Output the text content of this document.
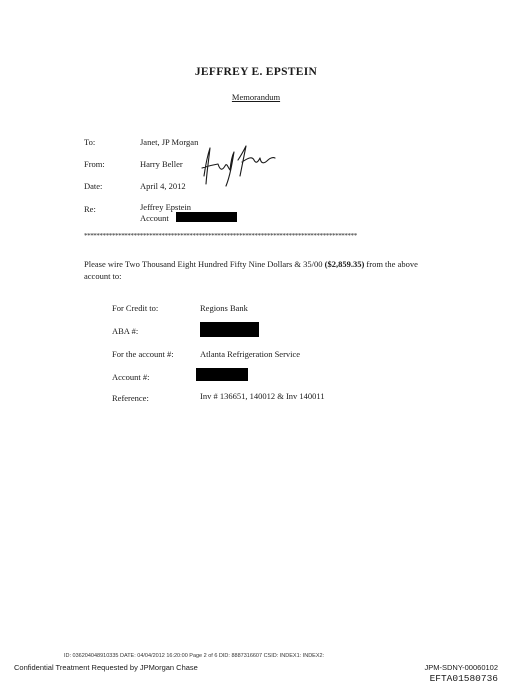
JEFFREY E. EPSTEIN
Memorandum
To:	Janet, JP Morgan
From:	Harry Beller
Date:	April 4, 2012
Re:	Jeffrey Epstein
Account
****************************************************************************************
Please wire Two Thousand Eight Hundred Fifty Nine Dollars & 35/00 ($2,859.35) from the above account to:
For Credit to:	Regions Bank
ABA #:
For the account #:	Atlanta Refrigeration Service
Account #:
Reference:	Inv # 136651, 140012 & Inv 140011
ID: 036204048910335 DATE: 04/04/2012 16:20:00 Page 2 of 6 DID: 8887316607 CSID: INDEX1: INDEX2:
Confidential Treatment Requested by JPMorgan Chase	JPM-SDNY-00060102
EFTA01580736
